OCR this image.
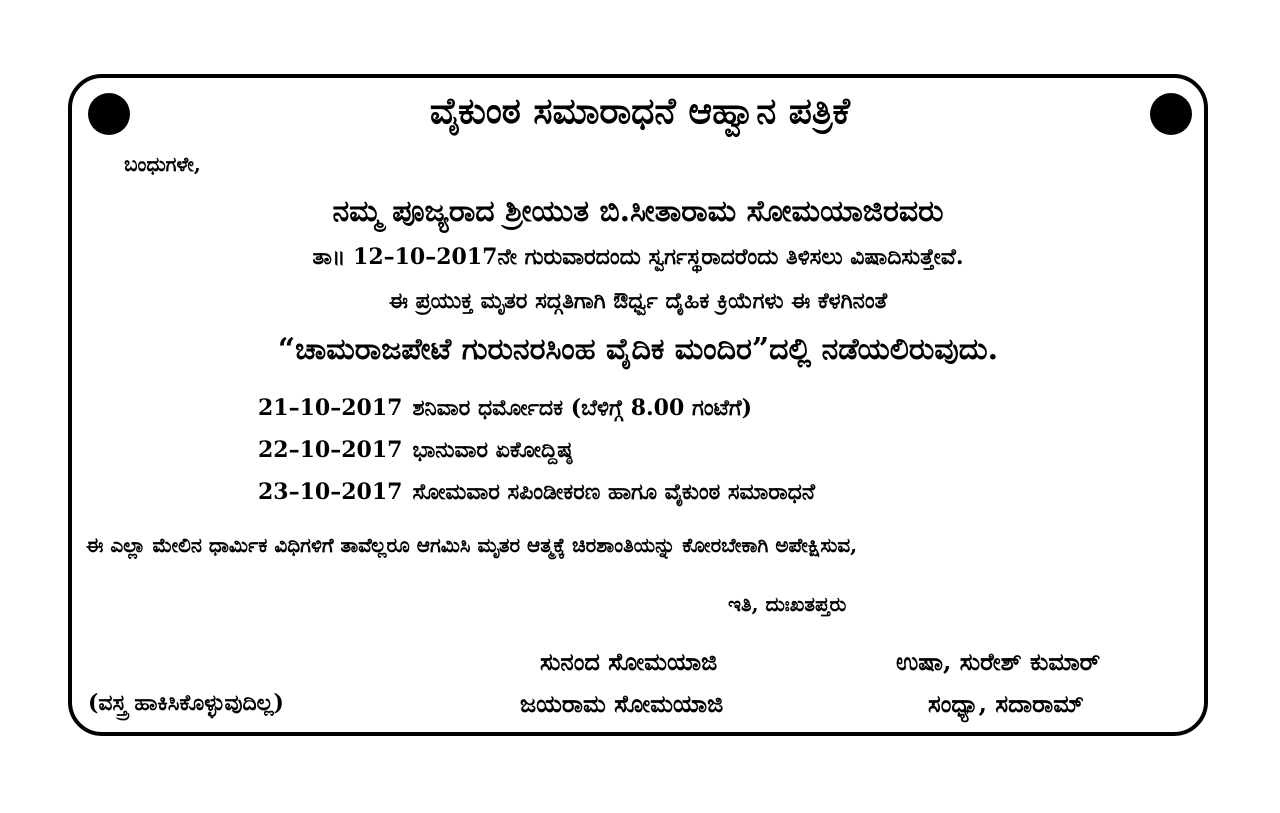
ವೈಕುಂಠ ಸಮಾರಾಧನೆ ಆಹ್ವಾನ ಪತ್ರಿಕೆ
ಬಂಧುಗಳೇ,
ನಮ್ಮ ಪೂಜ್ಯರಾದ ಶ್ರೀಯುತ ಬಿ.ಸೀತಾರಾಮ ಸೋಮಯಾಜಿರವರು
ತಾ॥ 12–10–2017ನೇ ಗುರುವಾರದಂದು ಸ್ವರ್ಗಸ್ಥರಾದರೆಂದು ತಿಳಿಸಲು ವಿಷಾದಿಸುತ್ತೇವೆ.
ಈ ಪ್ರಯುಕ್ತ ಮೃತರ ಸದ್ಗತಿಗಾಗಿ ಔರ್ಧ್ವ ದೈಹಿಕ ಕ್ರಿಯೆಗಳು ಈ ಕೆಳಗಿನಂತೆ
“ಚಾಮರಾಜಪೇಟೆ ಗುರುನರಸಿಂಹ ವೈದಿಕ ಮಂದಿರ”ದಲ್ಲಿ ನಡೆಯಲಿರುವುದು.
21–10–2017 ಶನಿವಾರ ಧರ್ಮೋದಕ (ಬೆಳಿಗ್ಗೆ 8.00 ಗಂಟೆಗೆ)
22–10–2017 ಭಾನುವಾರ ಏಕೋದ್ದಿಷ್ಠ
23–10–2017 ಸೋಮವಾರ ಸಪಿಂಡೀಕರಣ ಹಾಗೂ ವೈಕುಂಠ ಸಮಾರಾಧನೆ
ಈ ಎಲ್ಲಾ ಮೇಲಿನ ಧಾರ್ಮಿಕ ವಿಧಿಗಳಿಗೆ ತಾವೆಲ್ಲರೂ ಆಗಮಿಸಿ ಮೃತರ ಆತ್ಮಕ್ಕೆ ಚಿರಶಾಂತಿಯನ್ನು ಕೋರಬೇಕಾಗಿ ಅಪೇಕ್ಷಿಸುವ,
ಇತಿ, ದುಃಖತಪ್ತರು
ಸುನಂದ ಸೋಮಯಾಜಿ	ಉಷಾ, ಸುರೇಶ್ ಕುಮಾರ್
ಜಯರಾಮ ಸೋಮಯಾಜಿ	ಸಂಧ್ಯಾ, ಸದಾರಾಮ್
(ವಸ್ತ್ರ ಹಾಕಿಸಿಕೊಳ್ಳುವುದಿಲ್ಲ)
